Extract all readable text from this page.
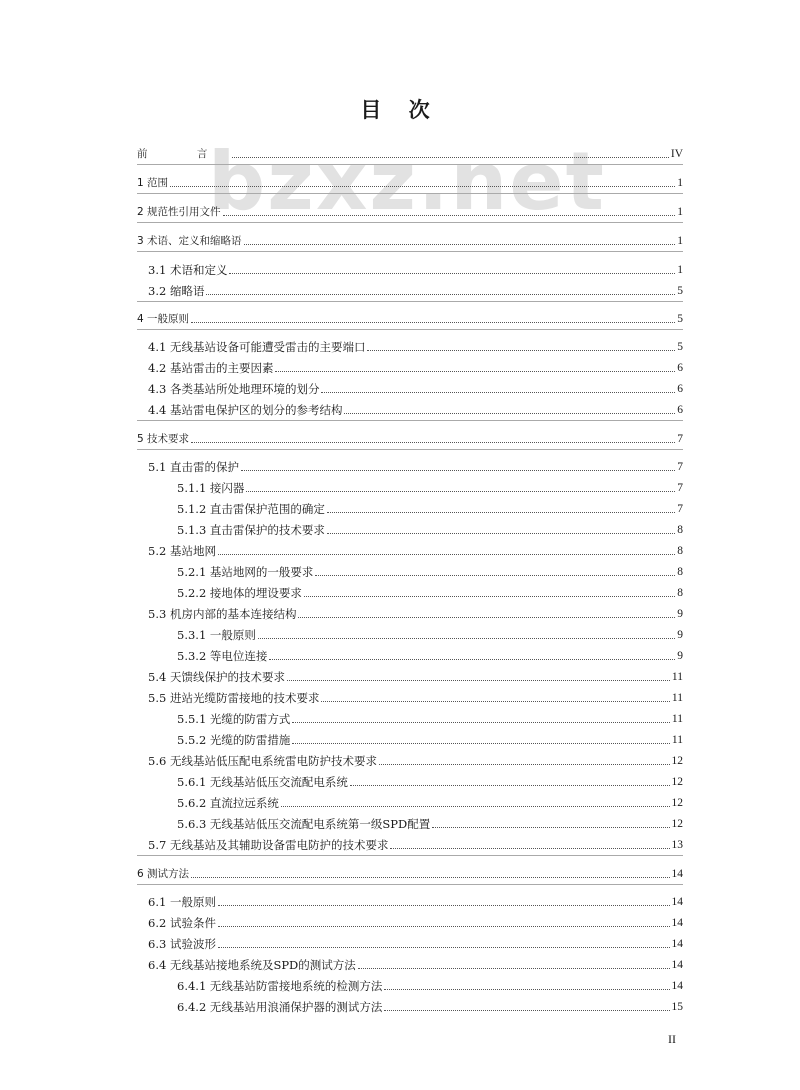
bzxz.net
目 次
前 言	IV
1 范围	1
2 规范性引用文件	1
3 术语、定义和缩略语	1
3.1 术语和定义	1
3.2 缩略语	5
4 一般原则	5
4.1 无线基站设备可能遭受雷击的主要端口	5
4.2 基站雷击的主要因素	6
4.3 各类基站所处地理环境的划分	6
4.4 基站雷电保护区的划分的参考结构	6
5 技术要求	7
5.1 直击雷的保护	7
5.1.1 接闪器	7
5.1.2 直击雷保护范围的确定	7
5.1.3 直击雷保护的技术要求	8
5.2 基站地网	8
5.2.1 基站地网的一般要求	8
5.2.2 接地体的埋设要求	8
5.3 机房内部的基本连接结构	9
5.3.1 一般原则	9
5.3.2 等电位连接	9
5.4 天馈线保护的技术要求	11
5.5 进站光缆防雷接地的技术要求	11
5.5.1 光缆的防雷方式	11
5.5.2 光缆的防雷措施	11
5.6 无线基站低压配电系统雷电防护技术要求	12
5.6.1 无线基站低压交流配电系统	12
5.6.2 直流拉远系统	12
5.6.3 无线基站低压交流配电系统第一级SPD配置	12
5.7 无线基站及其辅助设备雷电防护的技术要求	13
6 测试方法	14
6.1 一般原则	14
6.2 试验条件	14
6.3 试验波形	14
6.4 无线基站接地系统及SPD的测试方法	14
6.4.1 无线基站防雷接地系统的检测方法	14
6.4.2 无线基站用浪涌保护器的测试方法	15
II
